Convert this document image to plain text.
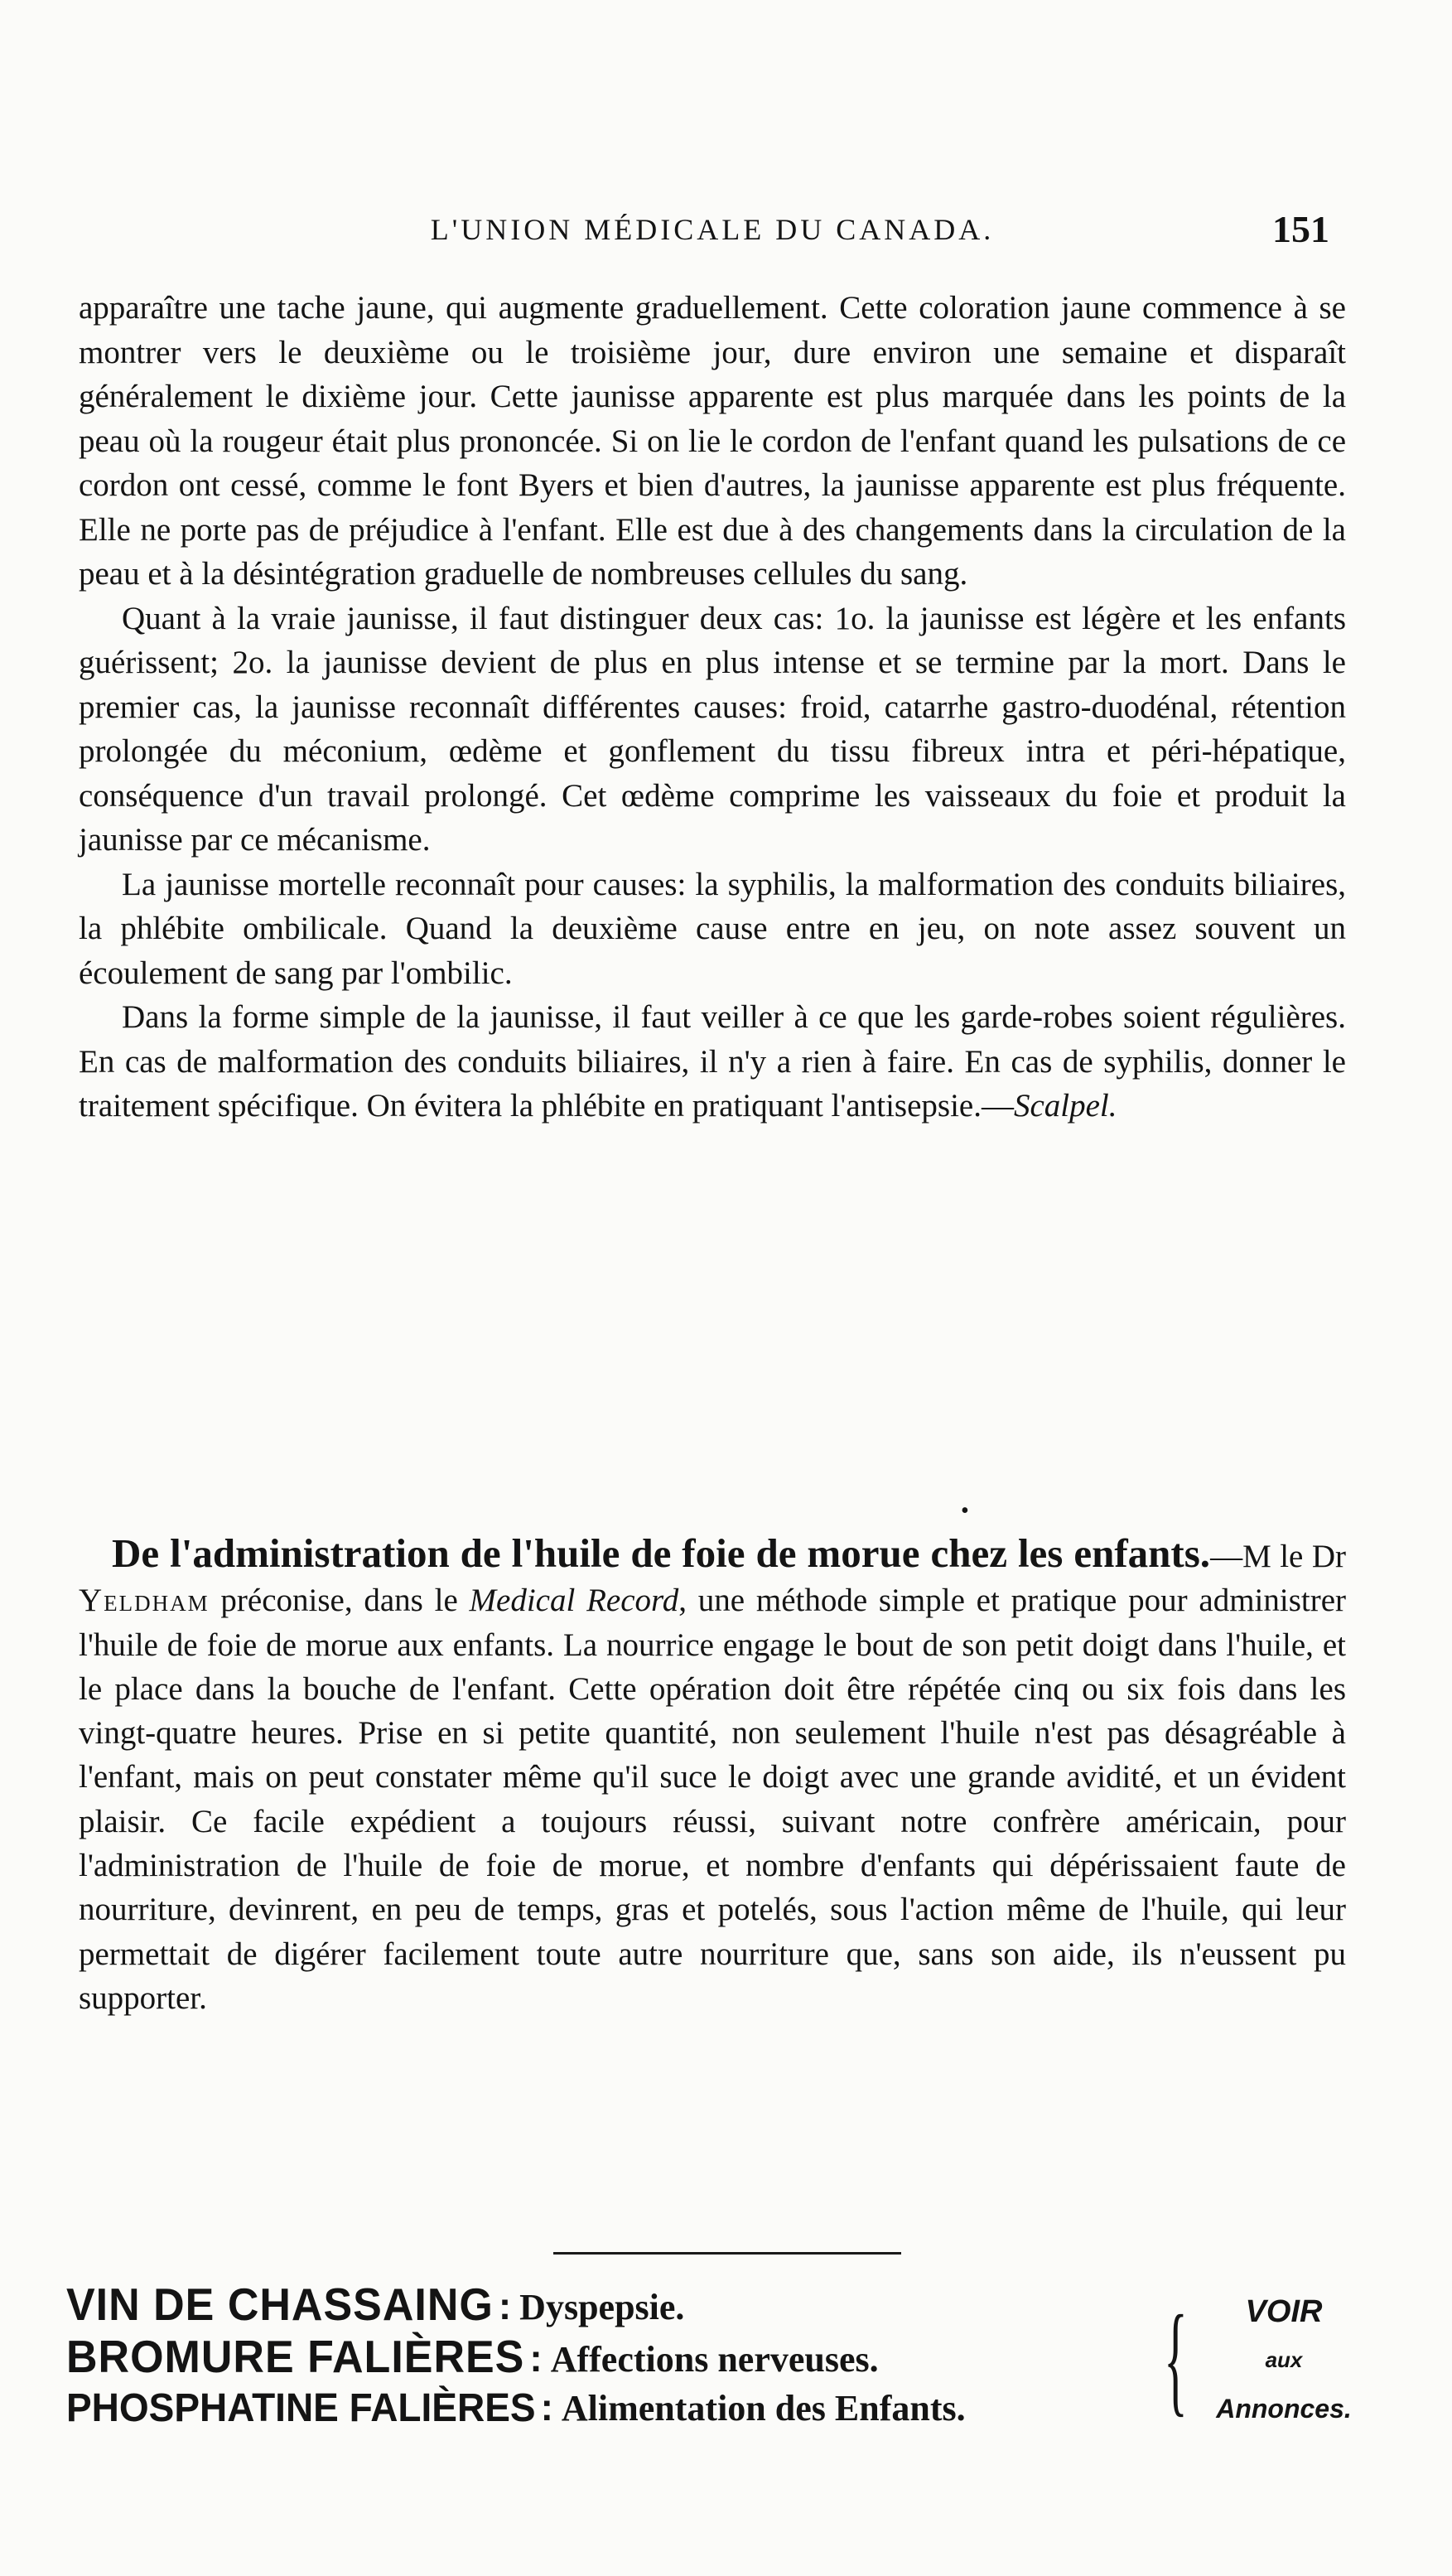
L'UNION MÉDICALE DU CANADA.	151

apparaître une tache jaune, qui augmente graduellement. Cette coloration jaune commence à se montrer vers le deuxième ou le troisième jour, dure environ une semaine et disparaît généralement le dixième jour. Cette jaunisse apparente est plus marquée dans les points de la peau où la rougeur était plus prononcée. Si on lie le cordon de l'enfant quand les pulsations de ce cordon ont cessé, comme le font Byers et bien d'autres, la jaunisse apparente est plus fréquente. Elle ne porte pas de préjudice à l'enfant. Elle est due à des changements dans la circulation de la peau et à la désintégration graduelle de nombreuses cellules du sang.

Quant à la vraie jaunisse, il faut distinguer deux cas: 1o. la jaunisse est légère et les enfants guérissent; 2o. la jaunisse devient de plus en plus intense et se termine par la mort. Dans le premier cas, la jaunisse reconnaît différentes causes: froid, catarrhe gastro-duodénal, rétention prolongée du méconium, œdème et gonflement du tissu fibreux intra et péri-hépatique, conséquence d'un travail prolongé. Cet œdème comprime les vaisseaux du foie et produit la jaunisse par ce mécanisme.

La jaunisse mortelle reconnaît pour causes: la syphilis, la malformation des conduits biliaires, la phlébite ombilicale. Quand la deuxième cause entre en jeu, on note assez souvent un écoulement de sang par l'ombilic.

Dans la forme simple de la jaunisse, il faut veiller à ce que les garde-robes soient régulières. En cas de malformation des conduits biliaires, il n'y a rien à faire. En cas de syphilis, donner le traitement spécifique. On évitera la phlébite en pratiquant l'antisepsie.—Scalpel.

•

De l'administration de l'huile de foie de morue chez les enfants.—M le Dr Yeldham préconise, dans le Medical Record, une méthode simple et pratique pour administrer l'huile de foie de morue aux enfants. La nourrice engage le bout de son petit doigt dans l'huile, et le place dans la bouche de l'enfant. Cette opération doit être répétée cinq ou six fois dans les vingt-quatre heures. Prise en si petite quantité, non seulement l'huile n'est pas désagréable à l'enfant, mais on peut constater même qu'il suce le doigt avec une grande avidité, et un évident plaisir. Ce facile expédient a toujours réussi, suivant notre confrère américain, pour l'administration de l'huile de foie de morue, et nombre d'enfants qui dépérissaient faute de nourriture, devinrent, en peu de temps, gras et potelés, sous l'action même de l'huile, qui leur permettait de digérer facilement toute autre nourriture que, sans son aide, ils n'eussent pu supporter.

VIN DE CHASSAING : Dyspepsie.
BROMURE FALIÈRES : Affections nerveuses.
PHOSPHATINE FALIÈRES : Alimentation des Enfants. {	VOIR
aux
Annonces.
